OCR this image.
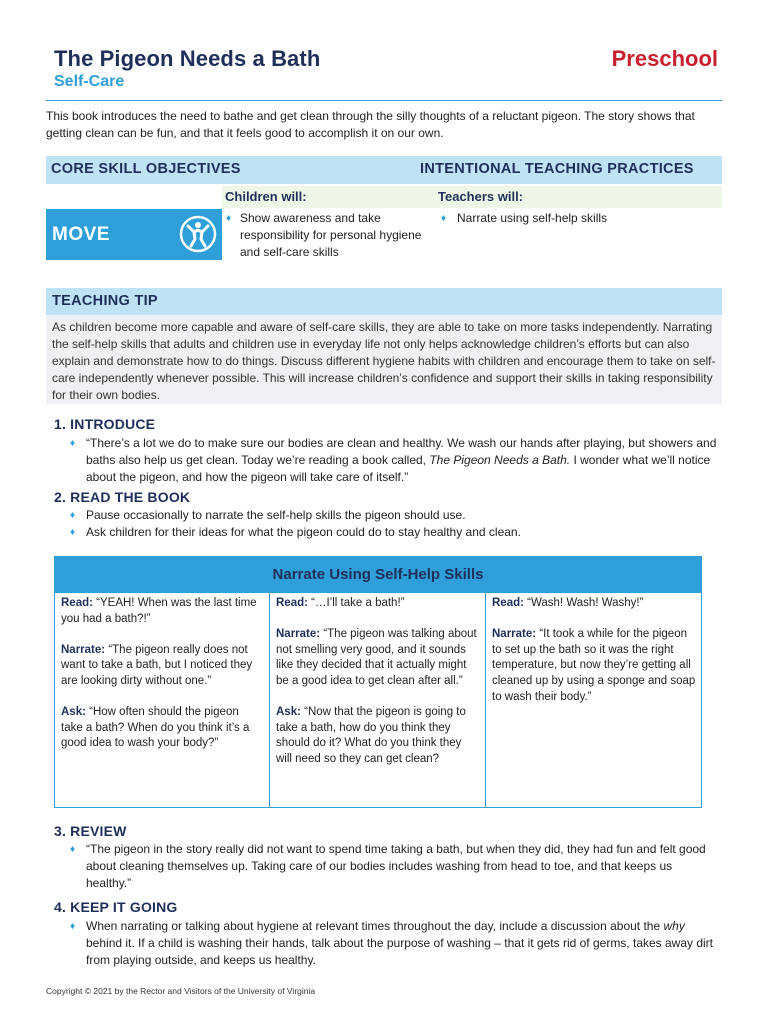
The Pigeon Needs a Bath
Self-Care
Preschool
This book introduces the need to bathe and get clean through the silly thoughts of a reluctant pigeon. The story shows that getting clean can be fun, and that it feels good to accomplish it on our own.
CORE SKILL OBJECTIVES	INTENTIONAL TEACHING PRACTICES
Children will:	Teachers will:
MOVE
♦ Show awareness and take responsibility for personal hygiene and self-care skills
♦ Narrate using self-help skills
TEACHING TIP
As children become more capable and aware of self-care skills, they are able to take on more tasks independently. Narrating the self-help skills that adults and children use in everyday life not only helps acknowledge children’s efforts but can also explain and demonstrate how to do things. Discuss different hygiene habits with children and encourage them to take on self-care independently whenever possible. This will increase children’s confidence and support their skills in taking responsibility for their own bodies.
1. INTRODUCE
♦ “There’s a lot we do to make sure our bodies are clean and healthy. We wash our hands after playing, but showers and baths also help us get clean. Today we’re reading a book called, The Pigeon Needs a Bath. I wonder what we’ll notice about the pigeon, and how the pigeon will take care of itself.”
2. READ THE BOOK
♦ Pause occasionally to narrate the self-help skills the pigeon should use.
♦ Ask children for their ideas for what the pigeon could do to stay healthy and clean.
Narrate Using Self-Help Skills

Read: “YEAH! When was the last time you had a bath?!”

Narrate: “The pigeon really does not want to take a bath, but I noticed they are looking dirty without one.”

Ask: “How often should the pigeon take a bath? When do you think it’s a good idea to wash your body?”

Read: “…I’ll take a bath!”

Narrate: “The pigeon was talking about not smelling very good, and it sounds like they decided that it actually might be a good idea to get clean after all.”

Ask: “Now that the pigeon is going to take a bath, how do you think they should do it? What do you think they will need so they can get clean?

Read: “Wash! Wash! Washy!”

Narrate: “It took a while for the pigeon to set up the bath so it was the right temperature, but now they’re getting all cleaned up by using a sponge and soap to wash their body.”

3. REVIEW
♦ “The pigeon in the story really did not want to spend time taking a bath, but when they did, they had fun and felt good about cleaning themselves up. Taking care of our bodies includes washing from head to toe, and that keeps us healthy.”
4. KEEP IT GOING
♦ When narrating or talking about hygiene at relevant times throughout the day, include a discussion about the why behind it. If a child is washing their hands, talk about the purpose of washing – that it gets rid of germs, takes away dirt from playing outside, and keeps us healthy.
Copyright © 2021 by the Rector and Visitors of the University of Virginia
